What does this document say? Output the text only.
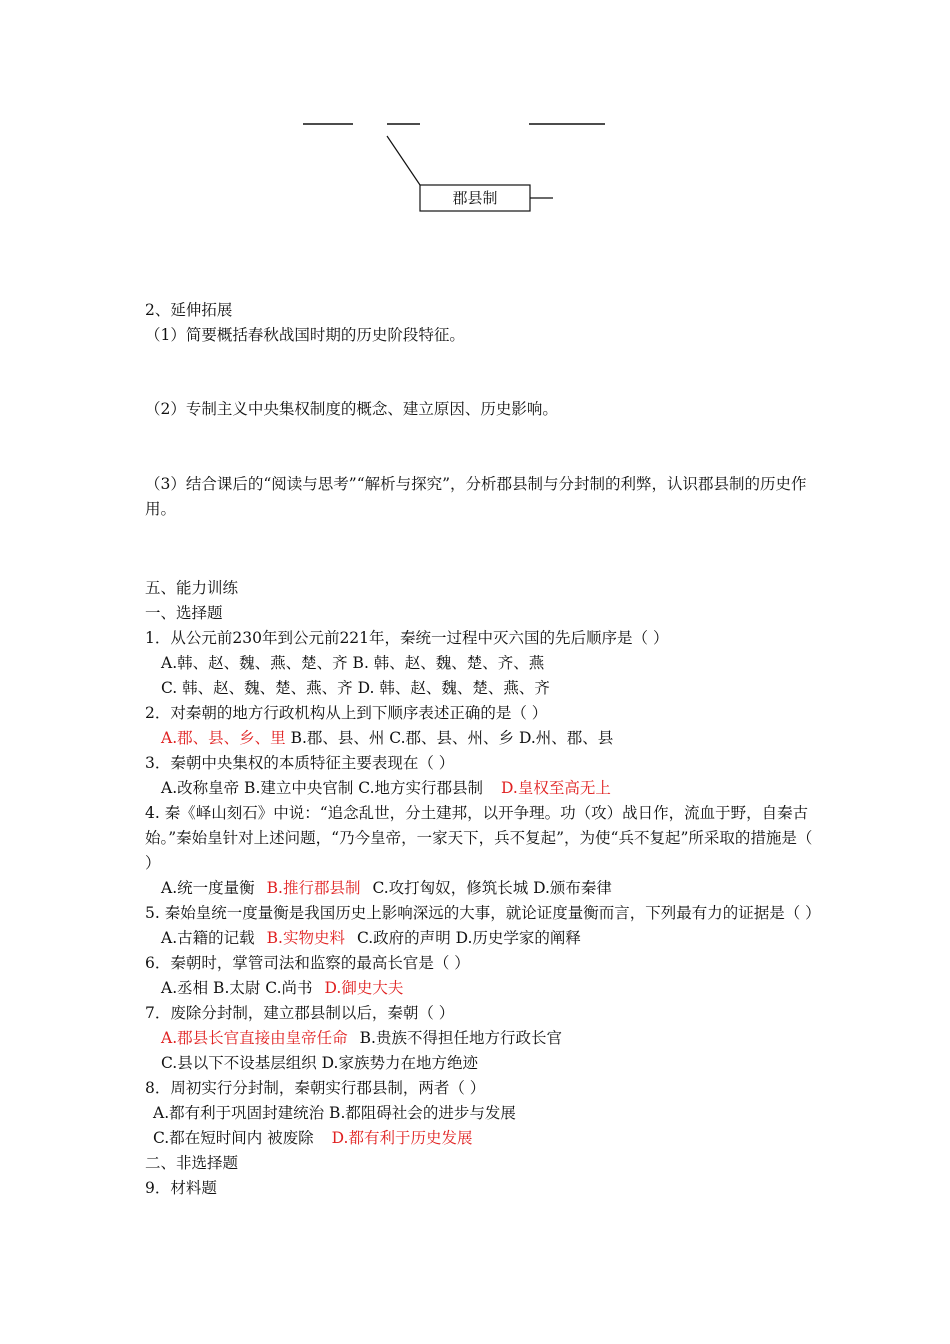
郡县制
2、延伸拓展
（1）简要概括春秋战国时期的历史阶段特征。
（2）专制主义中央集权制度的概念、建立原因、历史影响。
（3）结合课后的“阅读与思考”“解析与探究”，分析郡县制与分封制的利弊，认识郡县制的历史作用。
五、能力训练
一、选择题
1．从公元前230年到公元前221年，秦统一过程中灭六国的先后顺序是（ ）
A.韩、赵、魏、燕、楚、齐 B. 韩、赵、魏、楚、齐、燕
C. 韩、赵、魏、楚、燕、齐 D. 韩、赵、魏、楚、燕、齐
2．对秦朝的地方行政机构从上到下顺序表述正确的是（ ）
A.郡、县、乡、里 B.郡、县、州 C.郡、县、州、乡 D.州、郡、县
3．秦朝中央集权的本质特征主要表现在（ ）
A.改称皇帝 B.建立中央官制 C.地方实行郡县制 D.皇权至高无上
4. 秦《峄山刻石》中说：“追念乱世，分土建邦，以开争理。功（攻）战日作，流血于野，自秦古始。”秦始皇针对上述问题，“乃今皇帝，一家天下，兵不复起”，为使“兵不复起”所采取的措施是（ ）
A.统一度量衡 B.推行郡县制 C.攻打匈奴，修筑长城 D.颁布秦律
5. 秦始皇统一度量衡是我国历史上影响深远的大事，就论证度量衡而言，下列最有力的证据是（ ）
A.古籍的记载 B.实物史料 C.政府的声明 D.历史学家的阐释
6．秦朝时，掌管司法和监察的最高长官是（ ）
A.丞相 B.太尉 C.尚书 D.御史大夫
7．废除分封制，建立郡县制以后，秦朝（ ）
A.郡县长官直接由皇帝任命 B.贵族不得担任地方行政长官
C.县以下不设基层组织 D.家族势力在地方绝迹
8．周初实行分封制，秦朝实行郡县制，两者（ ）
A.都有利于巩固封建统治 B.都阻碍社会的进步与发展
C.都在短时间内 被废除 D.都有利于历史发展
二、非选择题
9．材料题
